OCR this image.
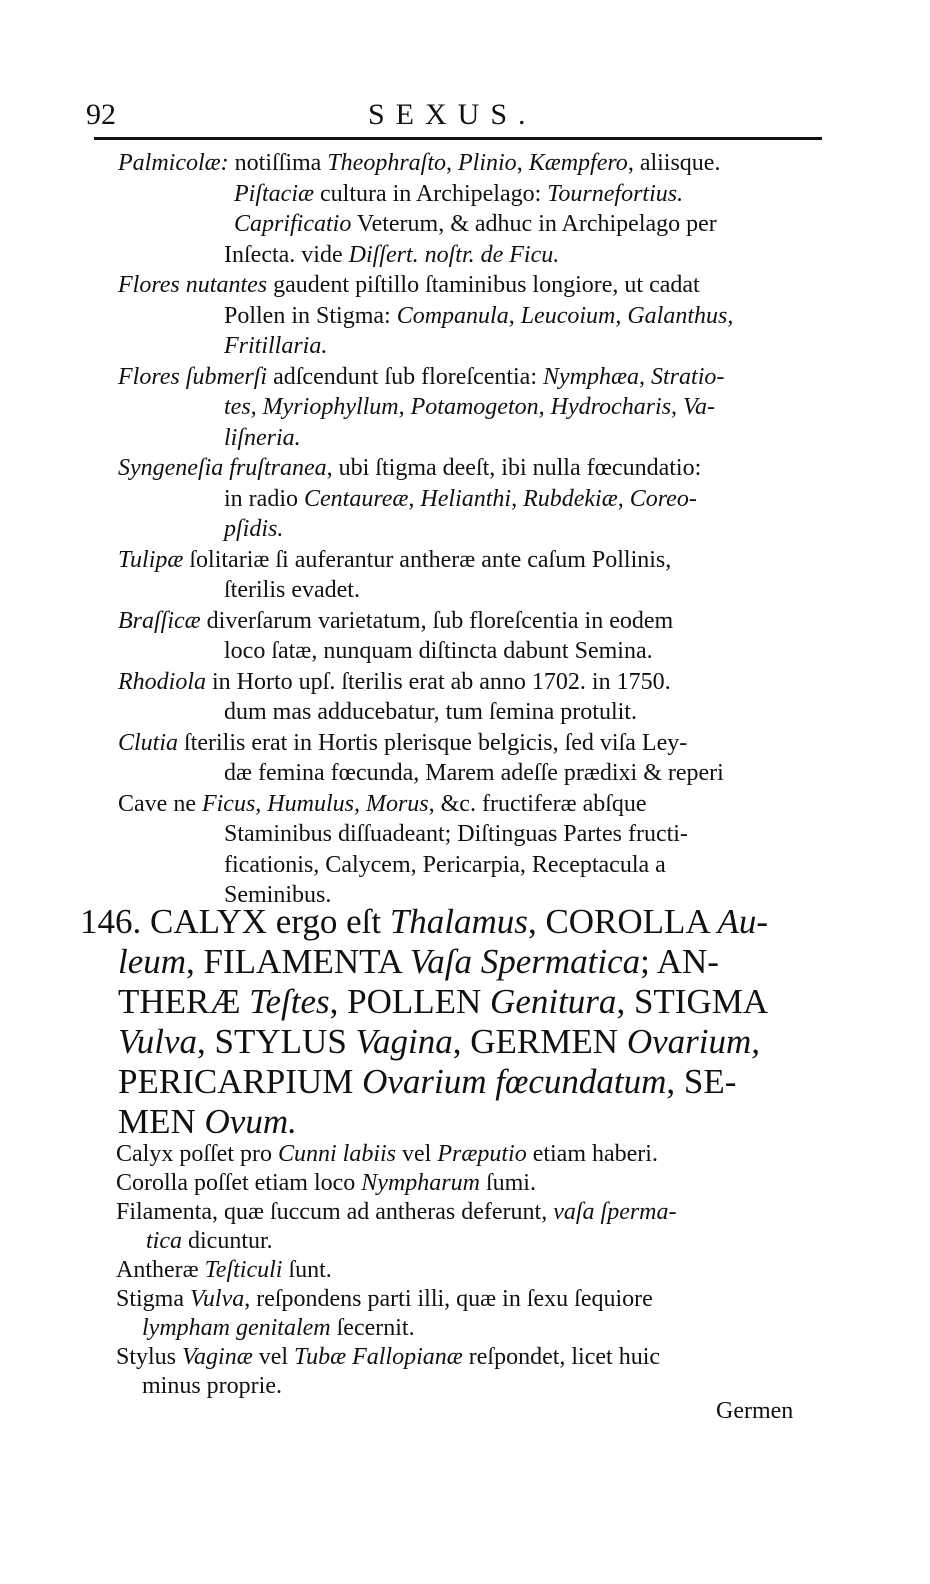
92	SEXUS.
Palmicolæ: notiſſima Theophraſto, Plinio, Kæmpfero, aliisque.
Piſtaciæ cultura in Archipelago: Tournefortius.
Caprificatio Veterum, & adhuc in Archipelago per
Inſecta. vide Diſſert. noſtr. de Ficu.
Flores nutantes gaudent piſtillo ſtaminibus longiore, ut cadat
Pollen in Stigma: Companula, Leucoium, Galanthus,
Fritillaria.
Flores ſubmerſi adſcendunt ſub floreſcentia: Nymphæa, Stratio-
tes, Myriophyllum, Potamogeton, Hydrocharis, Va-
liſneria.
Syngeneſia fruſtranea, ubi ſtigma deeſt, ibi nulla fœcundatio:
in radio Centaureæ, Helianthi, Rubdekiæ, Coreo-
pſidis.
Tulipæ ſolitariæ ſi auferantur antheræ ante caſum Pollinis,
ſterilis evadet.
Braſſicæ diverſarum varietatum, ſub floreſcentia in eodem
loco ſatæ, nunquam diſtincta dabunt Semina.
Rhodiola in Horto upſ. ſterilis erat ab anno 1702. in 1750.
dum mas adducebatur, tum ſemina protulit.
Clutia ſterilis erat in Hortis plerisque belgicis, ſed viſa Ley-
dæ femina fœcunda, Marem adeſſe prædixi & reperi
Cave ne Ficus, Humulus, Morus, &c. fructiferæ abſque
Staminibus diſſuadeant; Diſtinguas Partes fructi-
ficationis, Calycem, Pericarpia, Receptacula a
Seminibus.
146. CALYX ergo eſt Thalamus, COROLLA Au-
leum, FILAMENTA Vaſa Spermatica; AN-
THERÆ Teſtes, POLLEN Genitura, STIGMA
Vulva, STYLUS Vagina, GERMEN Ovarium,
PERICARPIUM Ovarium fœcundatum, SE-
MEN Ovum.
Calyx poſſet pro Cunni labiis vel Præputio etiam haberi.
Corolla poſſet etiam loco Nympharum ſumi.
Filamenta, quæ ſuccum ad antheras deferunt, vaſa ſperma-
tica dicuntur.
Antheræ Teſticuli ſunt.
Stigma Vulva, reſpondens parti illi, quæ in ſexu ſequiore
lympham genitalem ſecernit.
Stylus Vaginæ vel Tubæ Fallopianæ reſpondet, licet huic
minus proprie.
Germen
